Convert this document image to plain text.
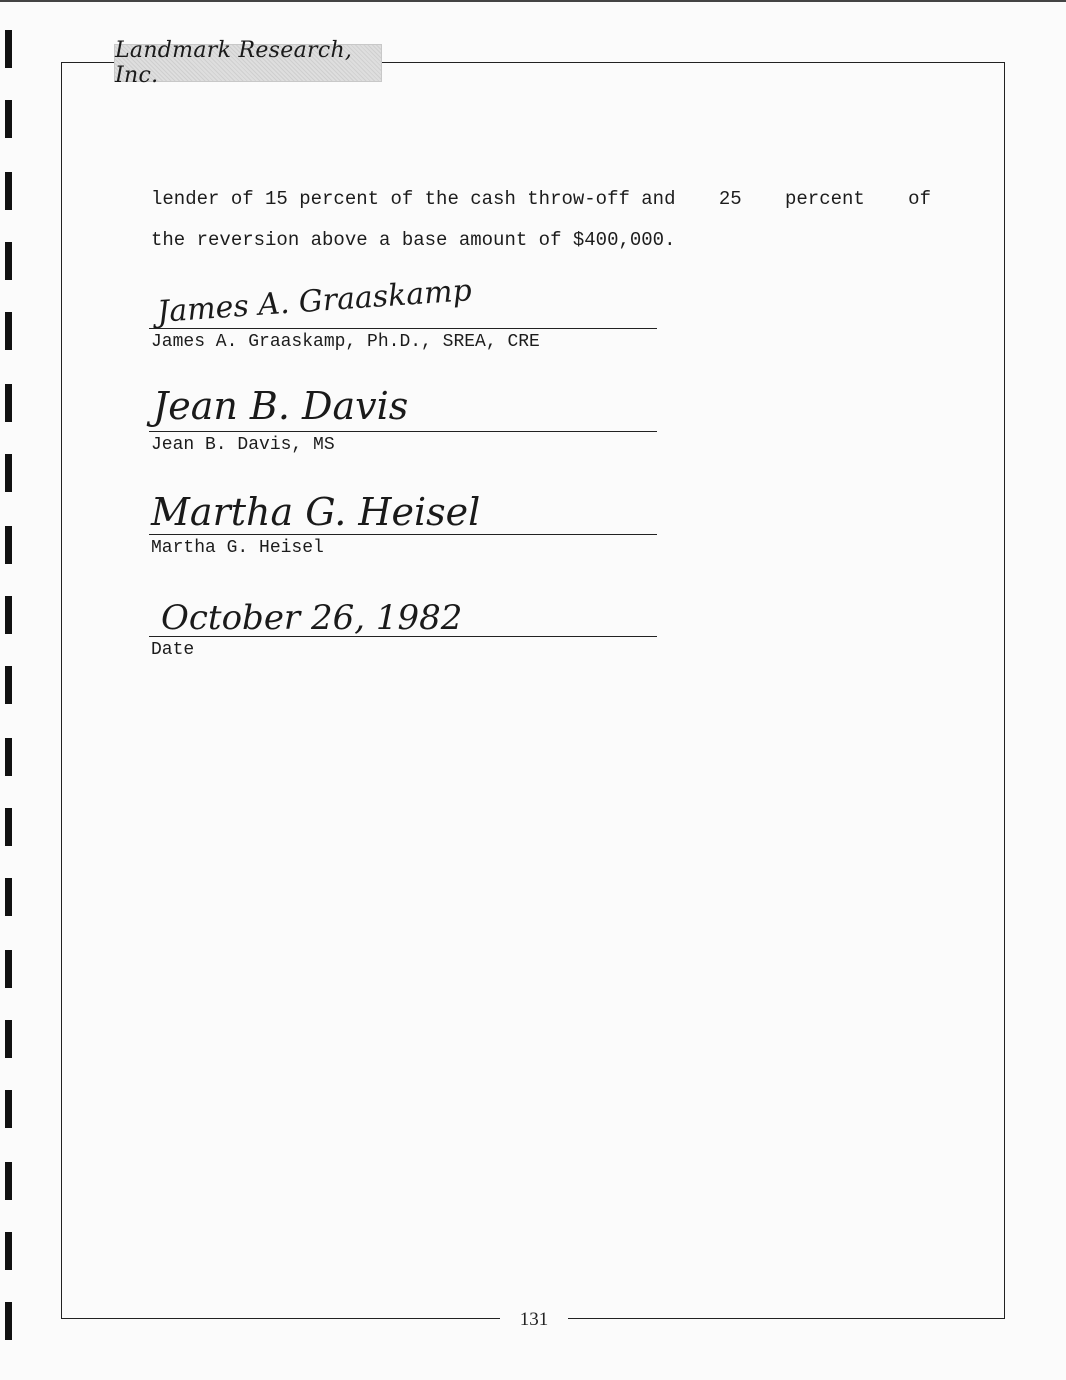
Landmark Research, Inc.
lender of 15 percent of the cash throw-off and 25 percent of
the reversion above a base amount of $400,000.
James A. Graaskamp
James A. Graaskamp, Ph.D., SREA, CRE
Jean B. Davis
Jean B. Davis, MS
Martha G. Heisel
Martha G. Heisel
October 26, 1982
Date
131
